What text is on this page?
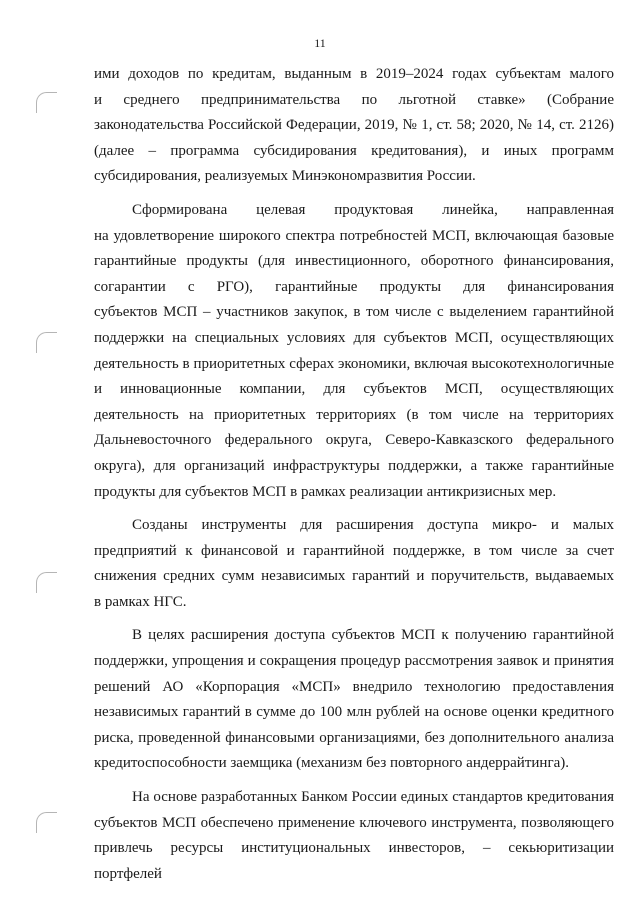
11
ими доходов по кредитам, выданным в 2019–2024 годах субъектам малого
и среднего предпринимательства по льготной ставке» (Собрание
законодательства Российской Федерации, 2019, № 1, ст. 58; 2020, № 14, ст. 2126)
(далее – программа субсидирования кредитования), и иных программ
субсидирования, реализуемых Минэкономразвития России.
Сформирована целевая продуктовая линейка, направленная
на удовлетворение широкого спектра потребностей МСП, включающая базовые
гарантийные продукты (для инвестиционного, оборотного финансирования,
согарантии с РГО), гарантийные продукты для финансирования
субъектов МСП – участников закупок, в том числе с выделением гарантийной
поддержки на специальных условиях для субъектов МСП, осуществляющих
деятельность в приоритетных сферах экономики, включая высокотехнологичные
и инновационные компании, для субъектов МСП, осуществляющих
деятельность на приоритетных территориях (в том числе на территориях
Дальневосточного федерального округа, Северо-Кавказского федерального
округа), для организаций инфраструктуры поддержки, а также гарантийные
продукты для субъектов МСП в рамках реализации антикризисных мер.
Созданы инструменты для расширения доступа микро- и малых
предприятий к финансовой и гарантийной поддержке, в том числе за счет
снижения средних сумм независимых гарантий и поручительств, выдаваемых
в рамках НГС.
В целях расширения доступа субъектов МСП к получению гарантийной
поддержки, упрощения и сокращения процедур рассмотрения заявок и принятия
решений АО «Корпорация «МСП» внедрило технологию предоставления
независимых гарантий в сумме до 100 млн рублей на основе оценки кредитного
риска, проведенной финансовыми организациями, без дополнительного анализа
кредитоспособности заемщика (механизм без повторного андеррайтинга).
На основе разработанных Банком России единых стандартов кредитования
субъектов МСП обеспечено применение ключевого инструмента, позволяющего
привлечь ресурсы институциональных инвесторов, – секьюритизации портфелей
